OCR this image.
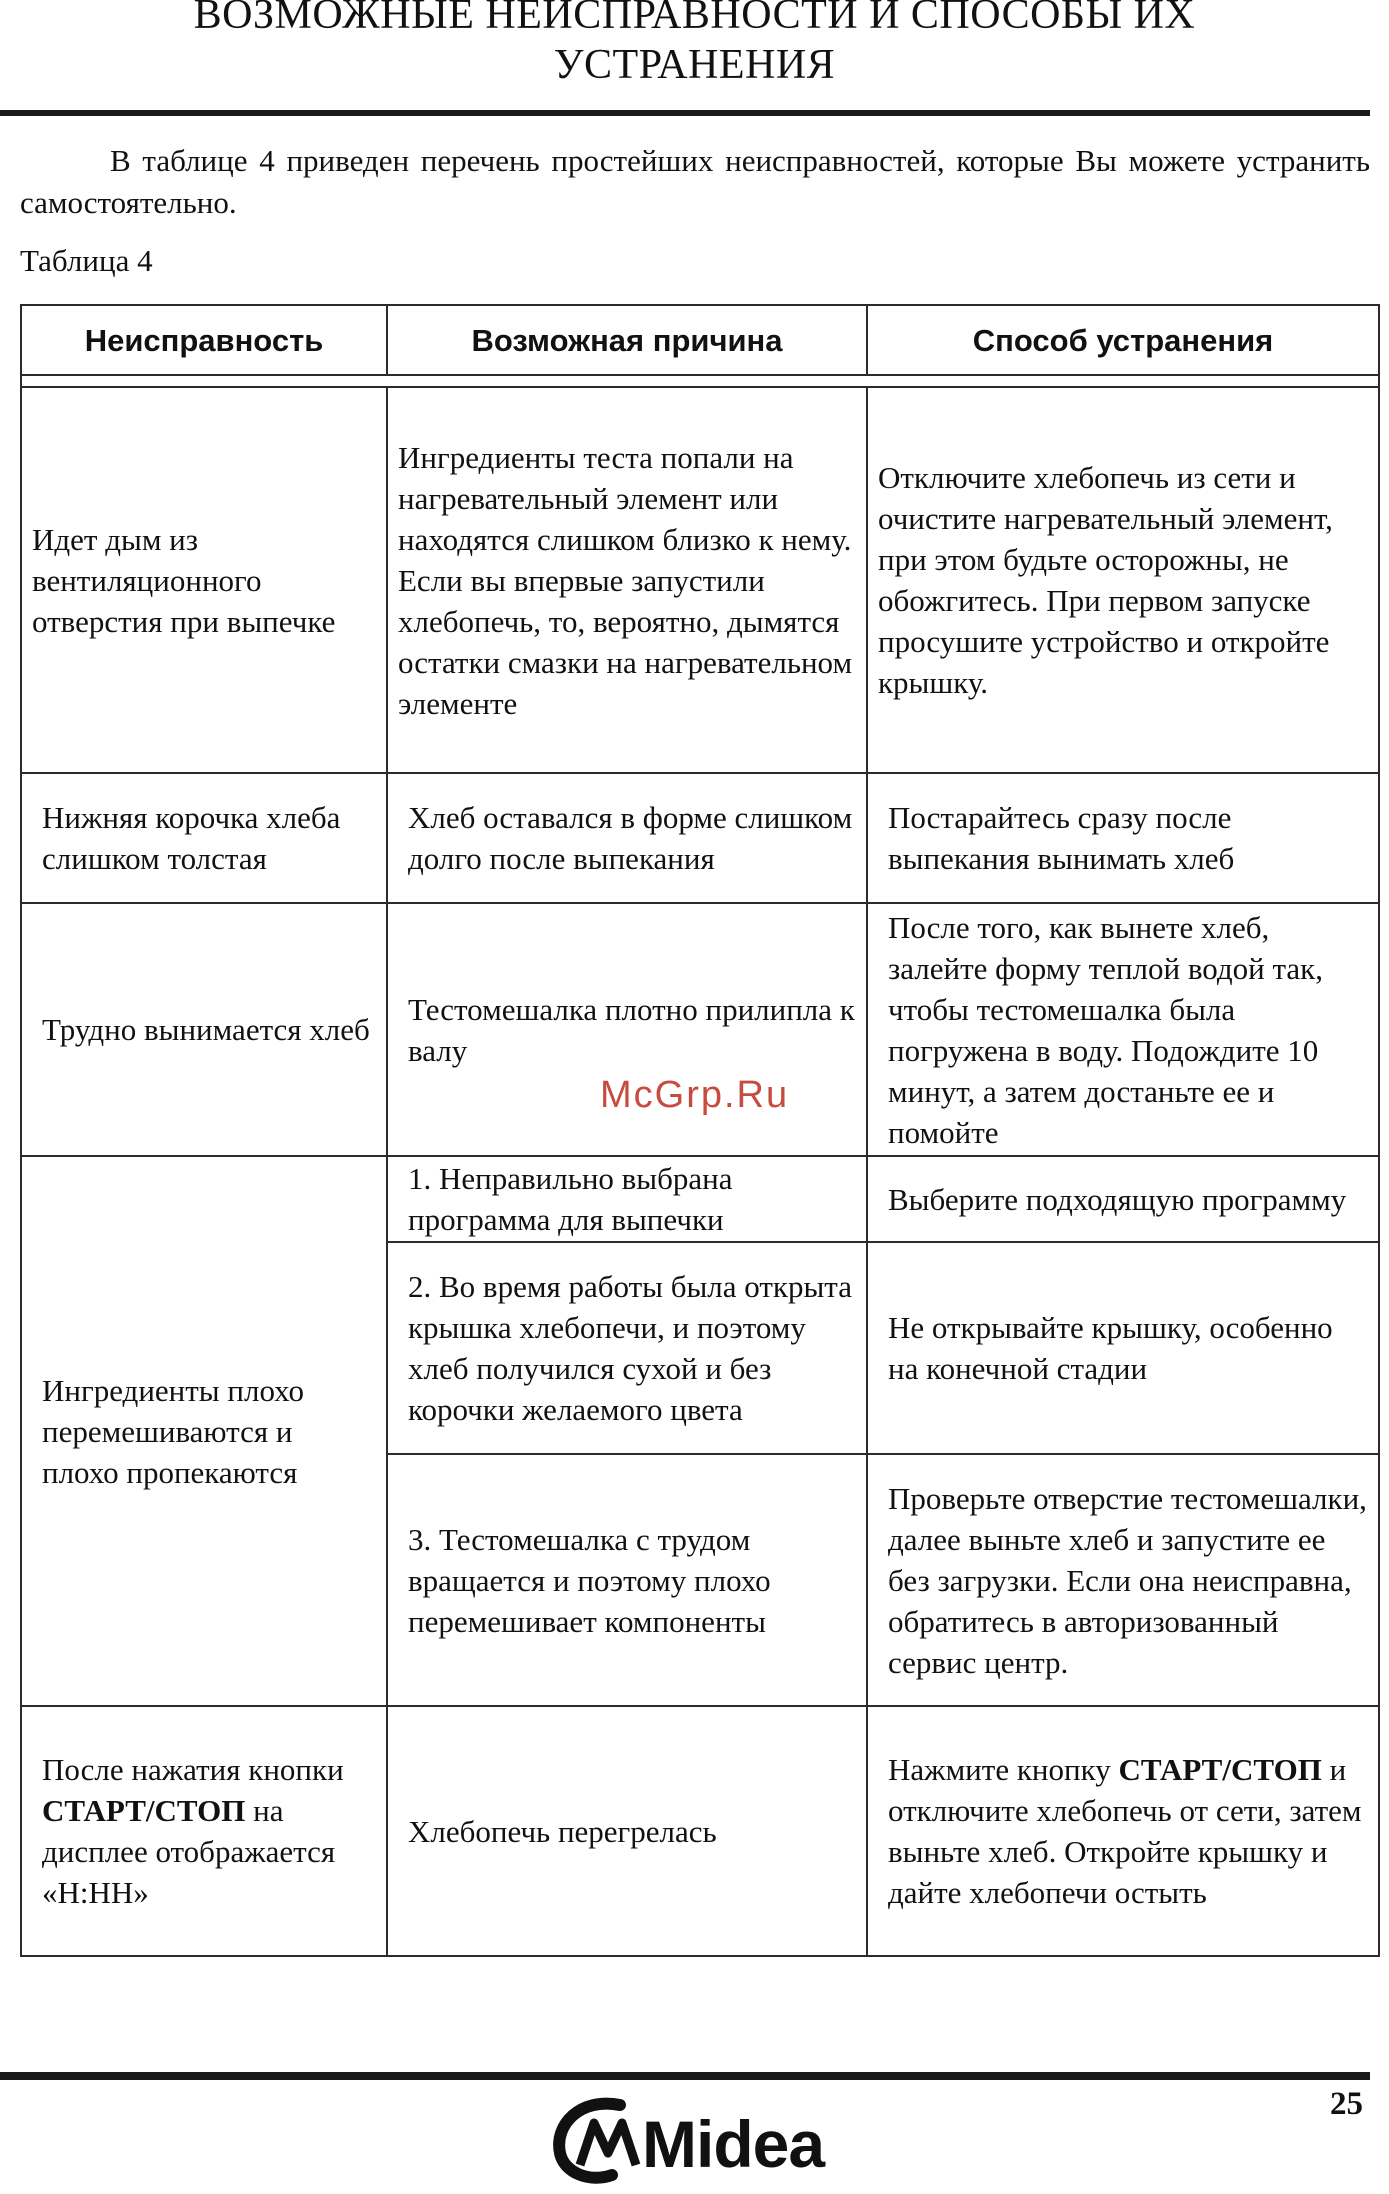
ВОЗМОЖНЫЕ НЕИСПРАВНОСТИ И СПОСОБЫ ИХ
УСТРАНЕНИЯ
В таблице 4 приведен перечень простейших неисправностей, которые Вы можете устранить самостоятельно.
Таблица 4
Неисправность	Возможная причина	Способ устранения

Идет дым из вентиляционного отверстия при выпечке	Ингредиенты теста попали на нагревательный элемент или находятся слишком близко к нему. Если вы впервые запустили хлебопечь, то, вероятно, дымятся остатки смазки на нагревательном элементе	Отключите хлебопечь из сети и очистите нагревательный элемент, при этом будьте осторожны, не обожгитесь. При первом запуске просушите устройство и откройте крышку.
Нижняя корочка хлеба слишком толстая	Хлеб оставался в форме слишком долго после выпекания	Постарайтесь сразу после выпекания вынимать хлеб
Трудно вынимается хлеб	Тестомешалка плотно прилипла к валу	После того, как вынете хлеб, залейте форму теплой водой так, чтобы тестомешалка была погружена в воду. Подождите 10 минут, а затем достаньте ее и помойте
Ингредиенты плохо перемешиваются и плохо пропекаются	1. Неправильно выбрана программа для выпечки	Выберите подходящую программу
	2. Во время работы была открыта крышка хлебопечи, и поэтому хлеб получился сухой и без корочки желаемого цвета	Не открывайте крышку, особенно на конечной стадии
	3. Тестомешалка с трудом вращается и поэтому плохо перемешивает компоненты	Проверьте отверстие тестомешалки, далее выньте хлеб и запустите ее без загрузки. Если она неисправна, обратитесь в авторизованный сервис центр.
После нажатия кнопки СТАРТ/СТОП на дисплее отображается «H:HH»	Хлебопечь перегрелась	Нажмите кнопку СТАРТ/СТОП и отключите хлебопечь от сети, затем выньте хлеб. Откройте крышку и дайте хлебопечи остыть
McGrp.Ru
25
Midea
